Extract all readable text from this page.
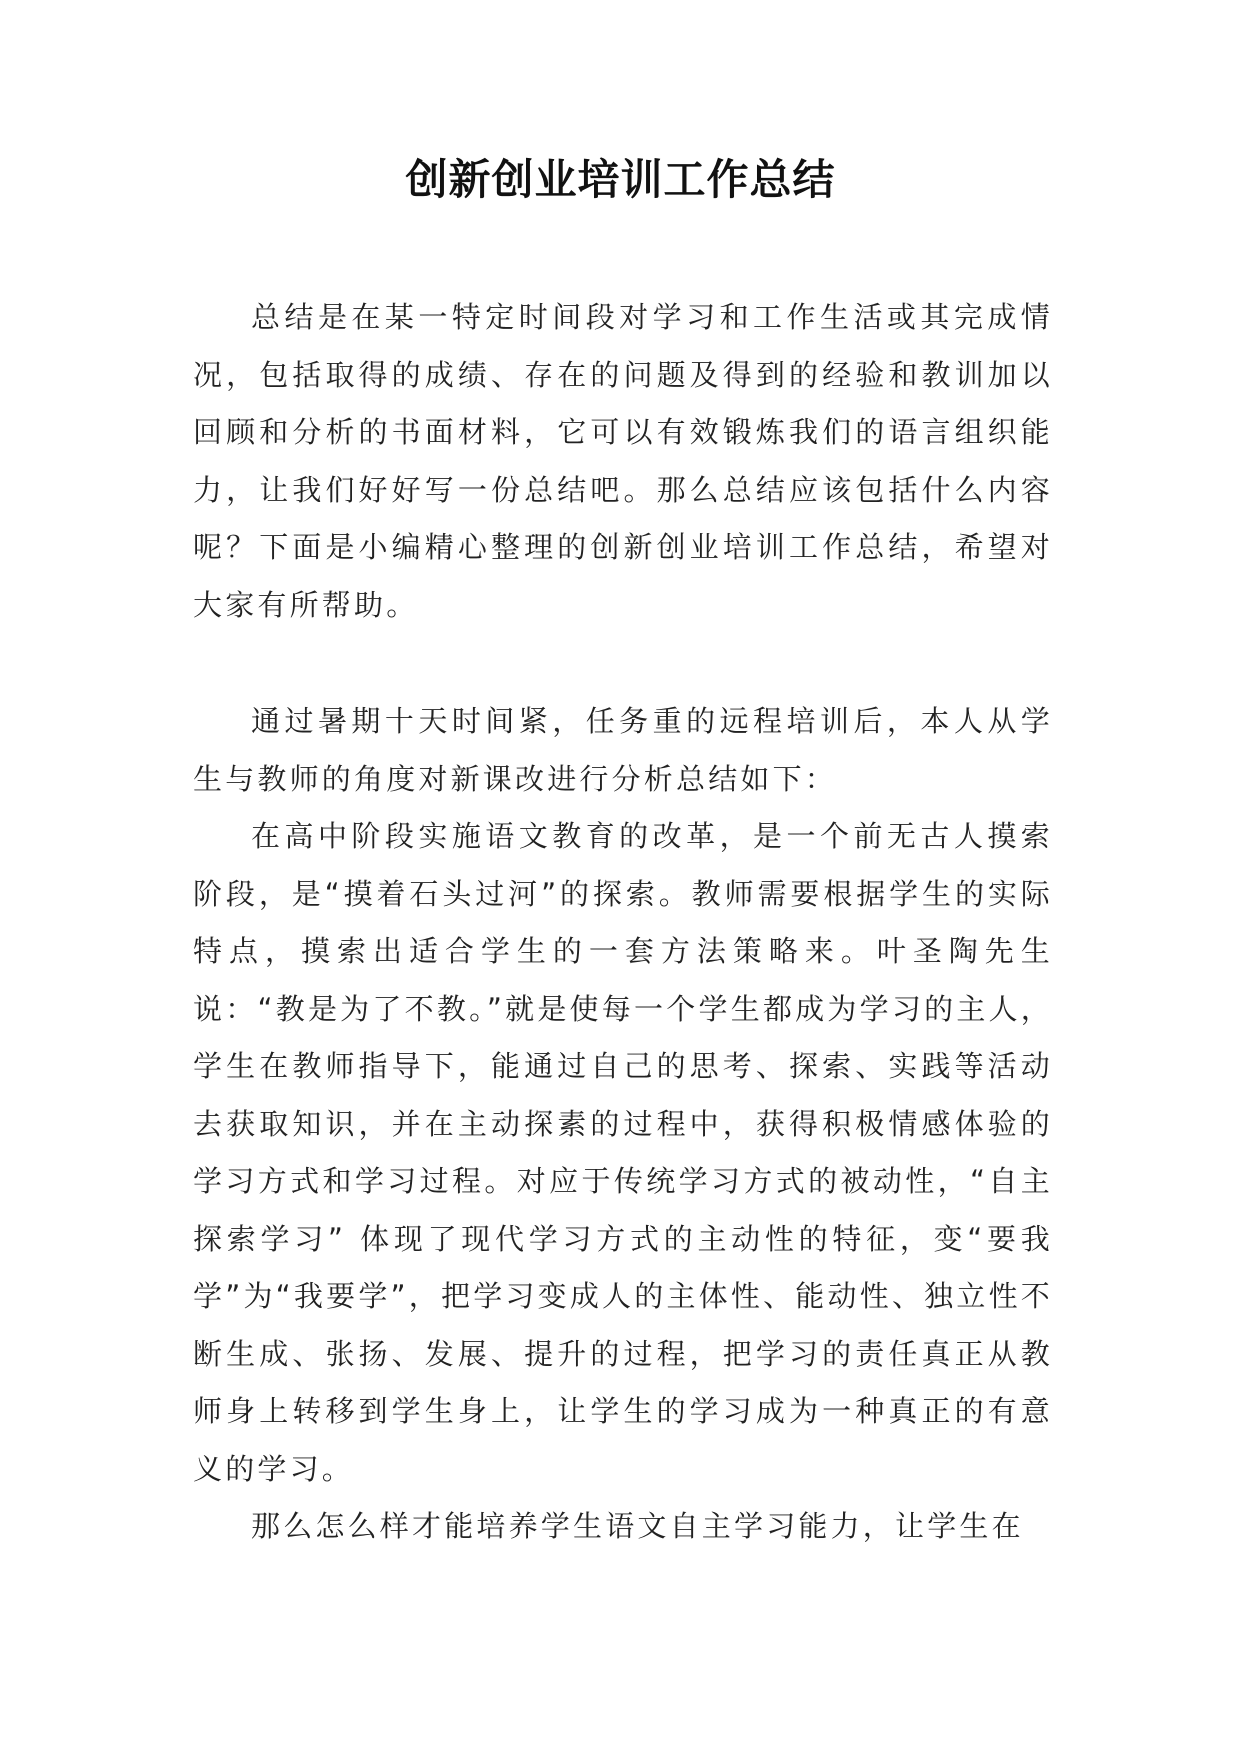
创新创业培训工作总结

总结是在某一特定时间段对学习和工作生活或其完成情况，包括取得的成绩、存在的问题及得到的经验和教训加以回顾和分析的书面材料，它可以有效锻炼我们的语言组织能力，让我们好好写一份总结吧。那么总结应该包括什么内容呢？下面是小编精心整理的创新创业培训工作总结，希望对大家有所帮助。

通过暑期十天时间紧，任务重的远程培训后，本人从学生与教师的角度对新课改进行分析总结如下：

在高中阶段实施语文教育的改革，是一个前无古人摸索阶段，是“摸着石头过河”的探索。教师需要根据学生的实际特点，摸索出适合学生的一套方法策略来。叶圣陶先生说：“教是为了不教。”就是使每一个学生都成为学习的主人，学生在教师指导下，能通过自己的思考、探索、实践等活动去获取知识，并在主动探素的过程中，获得积极情感体验的学习方式和学习过程。对应于传统学习方式的被动性，“自主探索学习” 体现了现代学习方式的主动性的特征，变“要我学”为“我要学”，把学习变成人的主体性、能动性、独立性不断生成、张扬、发展、提升的过程，把学习的责任真正从教师身上转移到学生身上，让学生的学习成为一种真正的有意义的学习。

那么怎么样才能培养学生语文自主学习能力，让学生在
